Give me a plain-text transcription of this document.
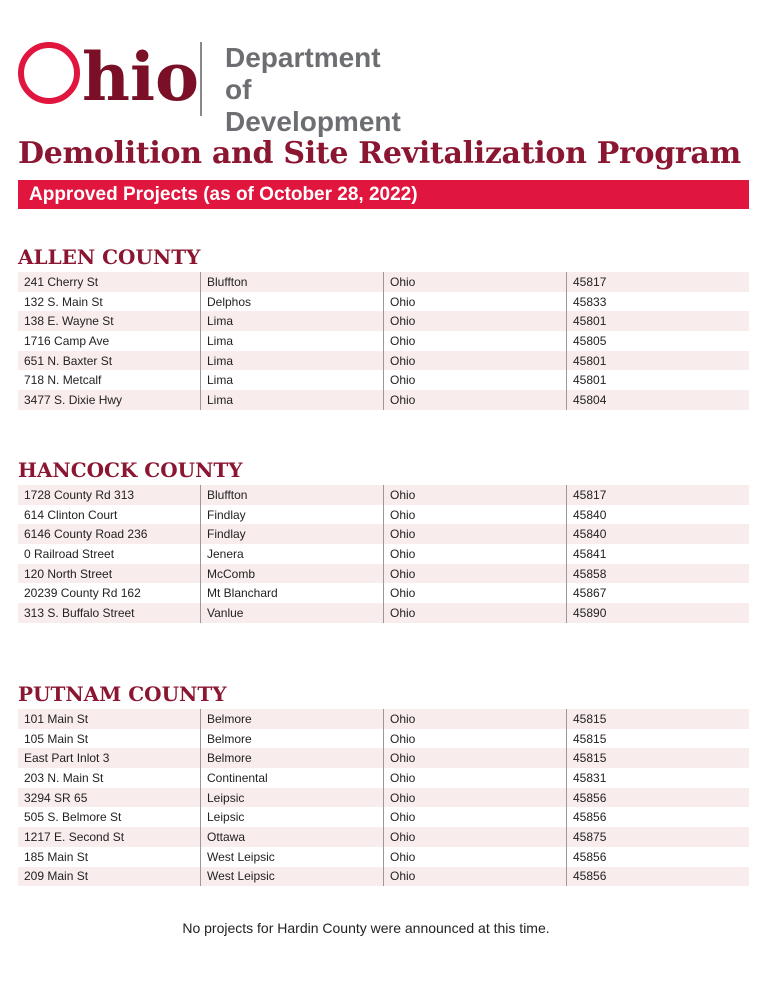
hio Department of
Development
Demolition and Site Revitalization Program
Approved Projects (as of October 28, 2022)
ALLEN COUNTY
241 Cherry St	Bluffton	Ohio	45817
132 S. Main St	Delphos	Ohio	45833
138 E. Wayne St	Lima	Ohio	45801
1716 Camp Ave	Lima	Ohio	45805
651 N. Baxter St	Lima	Ohio	45801
718 N. Metcalf	Lima	Ohio	45801
3477 S. Dixie Hwy	Lima	Ohio	45804
HANCOCK COUNTY
1728 County Rd 313	Bluffton	Ohio	45817
614 Clinton Court	Findlay	Ohio	45840
6146 County Road 236	Findlay	Ohio	45840
0 Railroad Street	Jenera	Ohio	45841
120 North Street	McComb	Ohio	45858
20239 County Rd 162	Mt Blanchard	Ohio	45867
313 S. Buffalo Street	Vanlue	Ohio	45890
PUTNAM COUNTY
101 Main St	Belmore	Ohio	45815
105 Main St	Belmore	Ohio	45815
East Part Inlot 3	Belmore	Ohio	45815
203 N. Main St	Continental	Ohio	45831
3294 SR 65	Leipsic	Ohio	45856
505 S. Belmore St	Leipsic	Ohio	45856
1217 E. Second St	Ottawa	Ohio	45875
185 Main St	West Leipsic	Ohio	45856
209 Main St	West Leipsic	Ohio	45856
No projects for Hardin County were announced at this time.
